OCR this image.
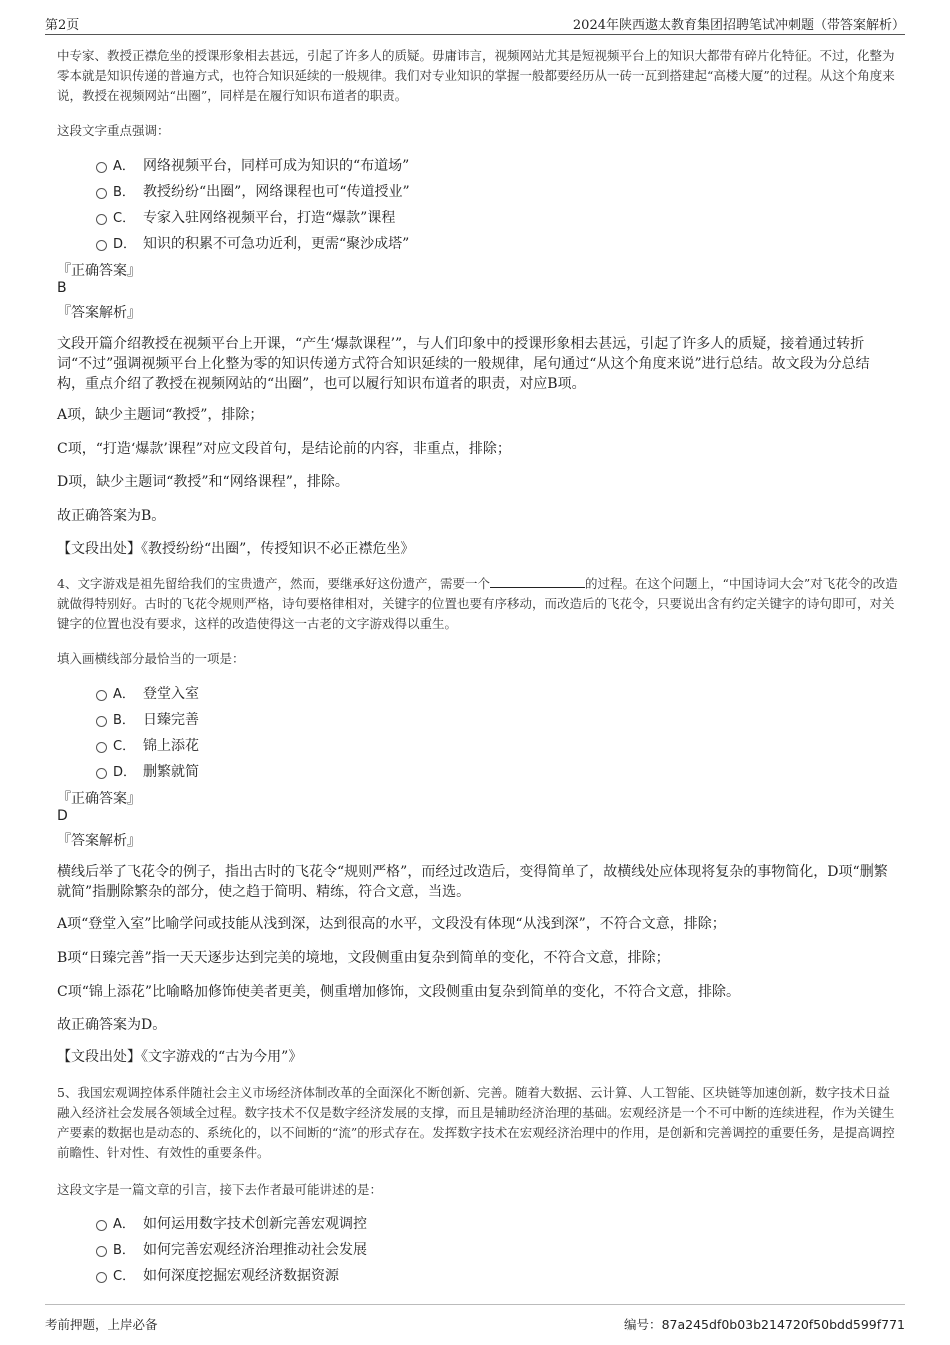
第2页	2024年陕西遨太教育集团招聘笔试冲刺题（带答案解析）
中专家、教授正襟危坐的授课形象相去甚远，引起了许多人的质疑。毋庸讳言，视频网站尤其是短视频平台上的知识大都带有碎片化特征。不过，化整为零本就是知识传递的普遍方式，也符合知识延续的一般规律。我们对专业知识的掌握一般都要经历从一砖一瓦到搭建起“高楼大厦”的过程。从这个角度来说，教授在视频网站“出圈”，同样是在履行知识布道者的职责。
这段文字重点强调：
A． 网络视频平台，同样可成为知识的“布道场”
B． 教授纷纷“出圈”，网络课程也可“传道授业”
C． 专家入驻网络视频平台，打造“爆款”课程
D． 知识的积累不可急功近利，更需“聚沙成塔”
『正确答案』
B
『答案解析』
文段开篇介绍教授在视频平台上开课，“产生‘爆款课程’”，与人们印象中的授课形象相去甚远，引起了许多人的质疑，接着通过转折词“不过”强调视频平台上化整为零的知识传递方式符合知识延续的一般规律，尾句通过“从这个角度来说”进行总结。故文段为分总结构，重点介绍了教授在视频网站的“出圈”，也可以履行知识布道者的职责，对应B项。
A项，缺少主题词“教授”，排除；
C项，“打造‘爆款’课程”对应文段首句，是结论前的内容，非重点，排除；
D项，缺少主题词“教授”和“网络课程”，排除。
故正确答案为B。
【文段出处】《教授纷纷“出圈”，传授知识不必正襟危坐》
4、文字游戏是祖先留给我们的宝贵遗产，然而，要继承好这份遗产，需要一个	的过程。在这个问题上，“中国诗词大会”对飞花令的改造就做得特别好。古时的飞花令规则严格，诗句要格律相对，关键字的位置也要有序移动，而改造后的飞花令，只要说出含有约定关键字的诗句即可，对关键字的位置也没有要求，这样的改造使得这一古老的文字游戏得以重生。
填入画横线部分最恰当的一项是：
A． 登堂入室
B． 日臻完善
C． 锦上添花
D． 删繁就简
『正确答案』
D
『答案解析』
横线后举了飞花令的例子，指出古时的飞花令“规则严格”，而经过改造后，变得简单了，故横线处应体现将复杂的事物简化，D项“删繁就简”指删除繁杂的部分，使之趋于简明、精练，符合文意，当选。
A项“登堂入室”比喻学问或技能从浅到深，达到很高的水平，文段没有体现“从浅到深”，不符合文意，排除；
B项“日臻完善”指一天天逐步达到完美的境地，文段侧重由复杂到简单的变化，不符合文意，排除；
C项“锦上添花”比喻略加修饰使美者更美，侧重增加修饰，文段侧重由复杂到简单的变化，不符合文意，排除。
故正确答案为D。
【文段出处】《文字游戏的“古为今用”》
5、我国宏观调控体系伴随社会主义市场经济体制改革的全面深化不断创新、完善。随着大数据、云计算、人工智能、区块链等加速创新，数字技术日益融入经济社会发展各领域全过程。数字技术不仅是数字经济发展的支撑，而且是辅助经济治理的基础。宏观经济是一个不可中断的连续进程，作为关键生产要素的数据也是动态的、系统化的，以不间断的“流”的形式存在。发挥数字技术在宏观经济治理中的作用，是创新和完善调控的重要任务，是提高调控前瞻性、针对性、有效性的重要条件。
这段文字是一篇文章的引言，接下去作者最可能讲述的是：
A． 如何运用数字技术创新完善宏观调控
B． 如何完善宏观经济治理推动社会发展
C． 如何深度挖掘宏观经济数据资源
考前押题，上岸必备	编号：87a245df0b03b214720f50bdd599f771
